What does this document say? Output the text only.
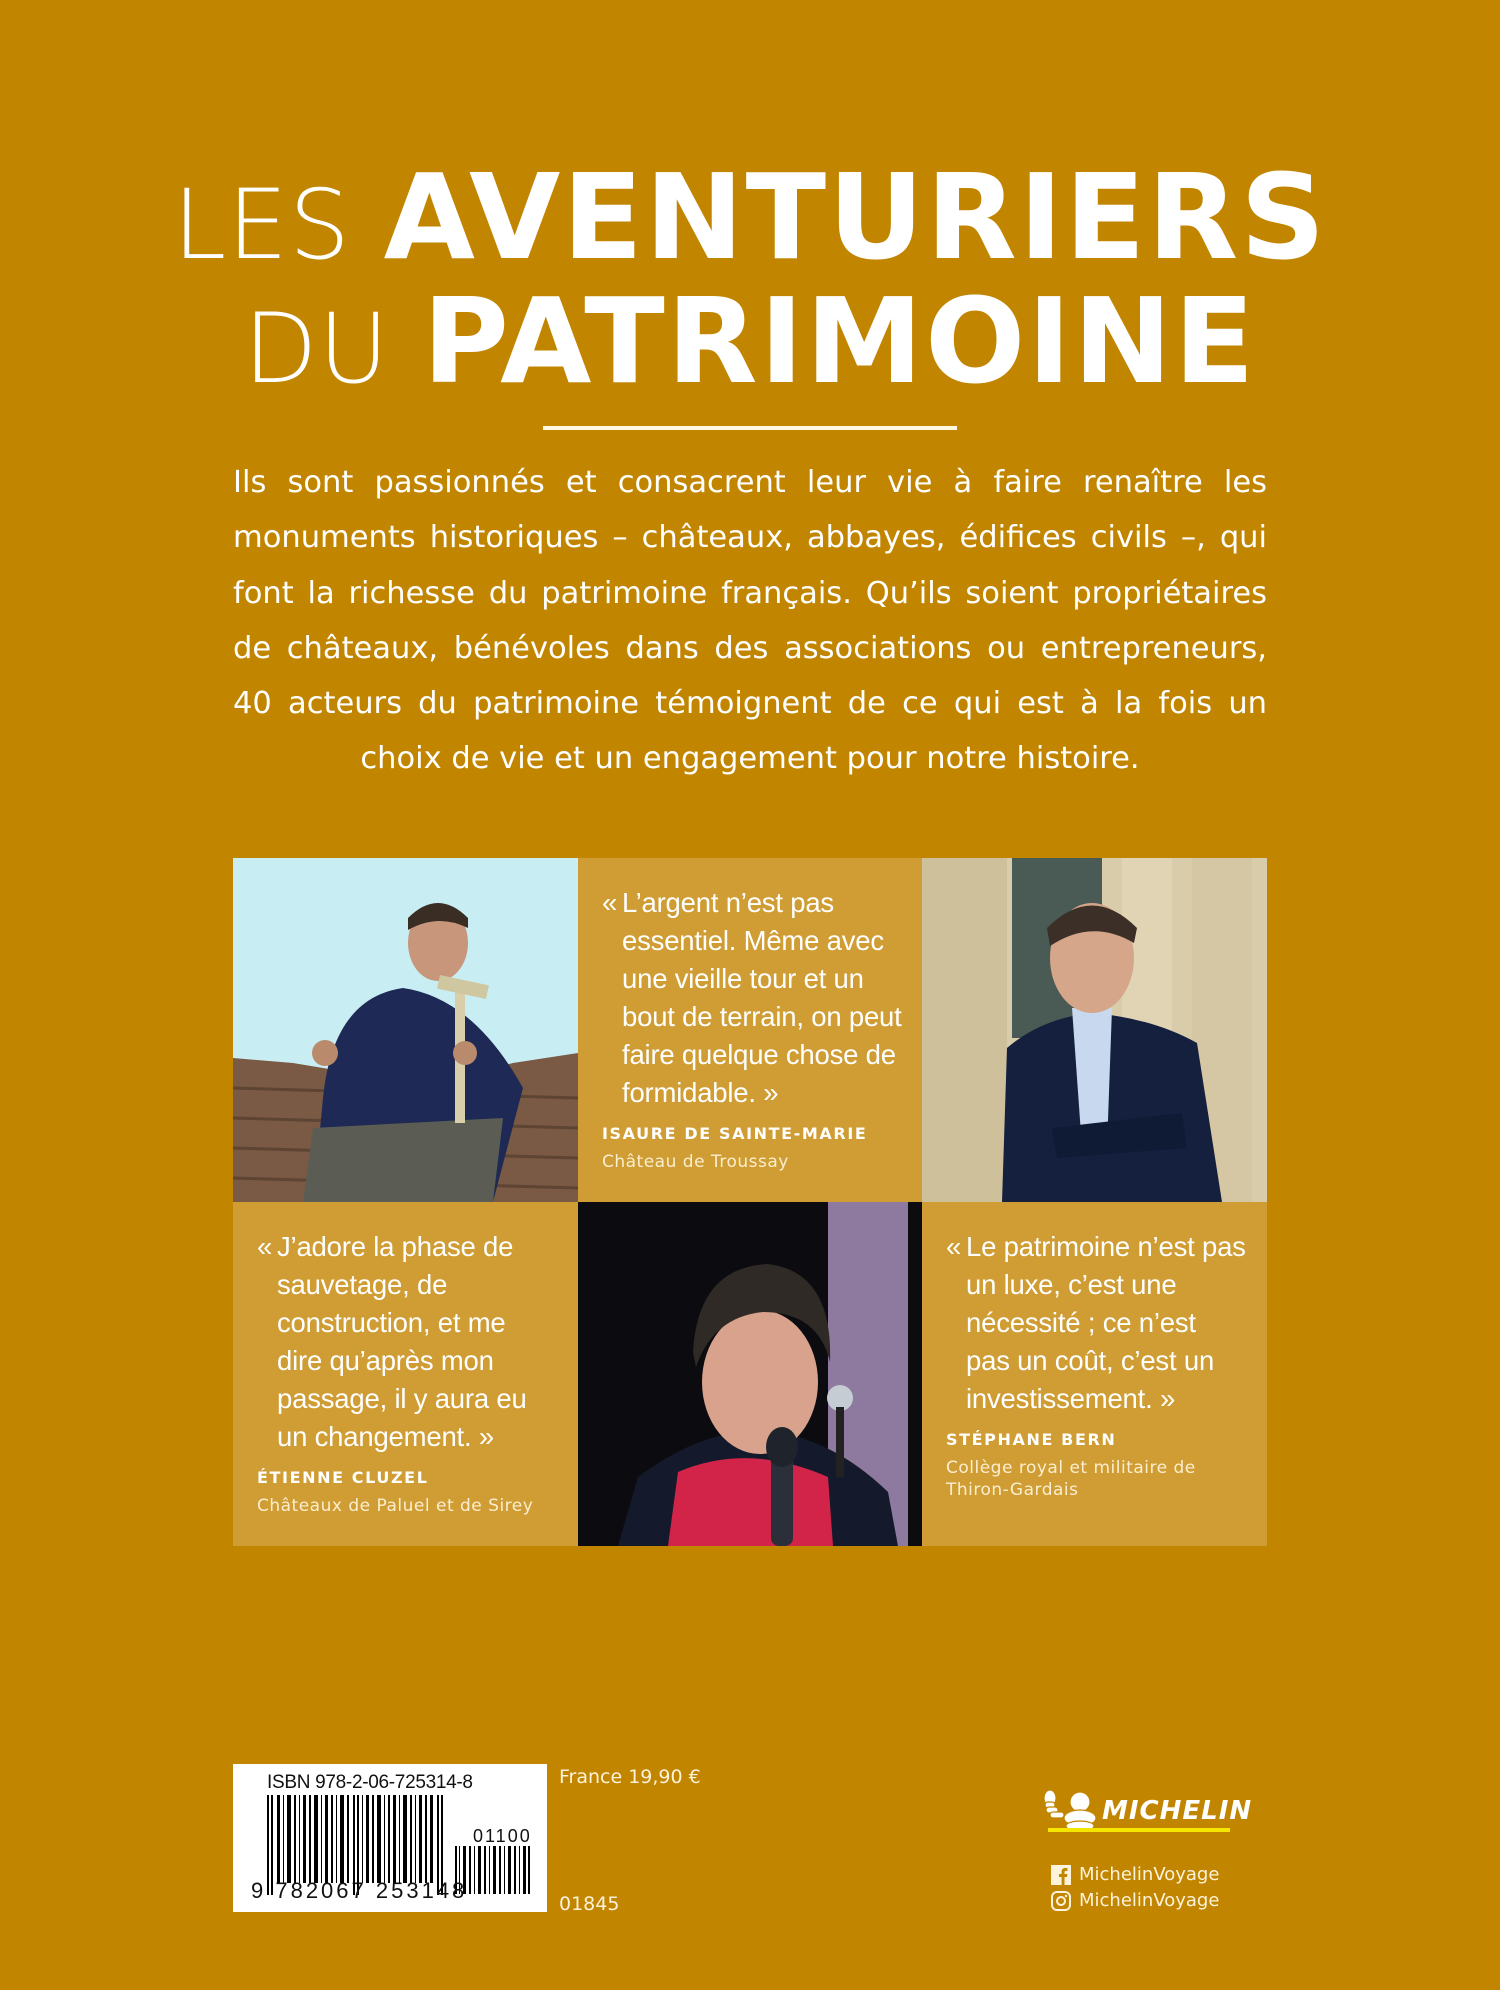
LES AVENTURIERS
DU PATRIMOINE

Ils sont passionnés et consacrent leur vie à faire renaître les monuments historiques – châteaux, abbayes, édifices civils –, qui font la richesse du patrimoine français. Qu’ils soient propriétaires de châteaux, bénévoles dans des associations ou entrepreneurs, 40 acteurs du patrimoine témoignent de ce qui est à la fois un choix de vie et un engagement pour notre histoire.

« L’argent n’est pas essentiel. Même avec une vieille tour et un bout de terrain, on peut faire quelque chose de formidable. »
ISAURE DE SAINTE-MARIE
Château de Troussay
« J’adore la phase de sauvetage, de construction, et me dire qu’après mon passage, il y aura eu un changement. »
ÉTIENNE CLUZEL
Châteaux de Paluel et de Sirey
« Le patrimoine n’est pas un luxe, c’est une nécessité ; ce n’est pas un coût, c’est un investissement. »
STÉPHANE BERN
Collège royal et militaire de Thiron-Gardais
ISBN 978-2-06-725314-8
9 782067 253148
01100
France 19,90 €
01845
MICHELIN
MichelinVoyage
MichelinVoyage
